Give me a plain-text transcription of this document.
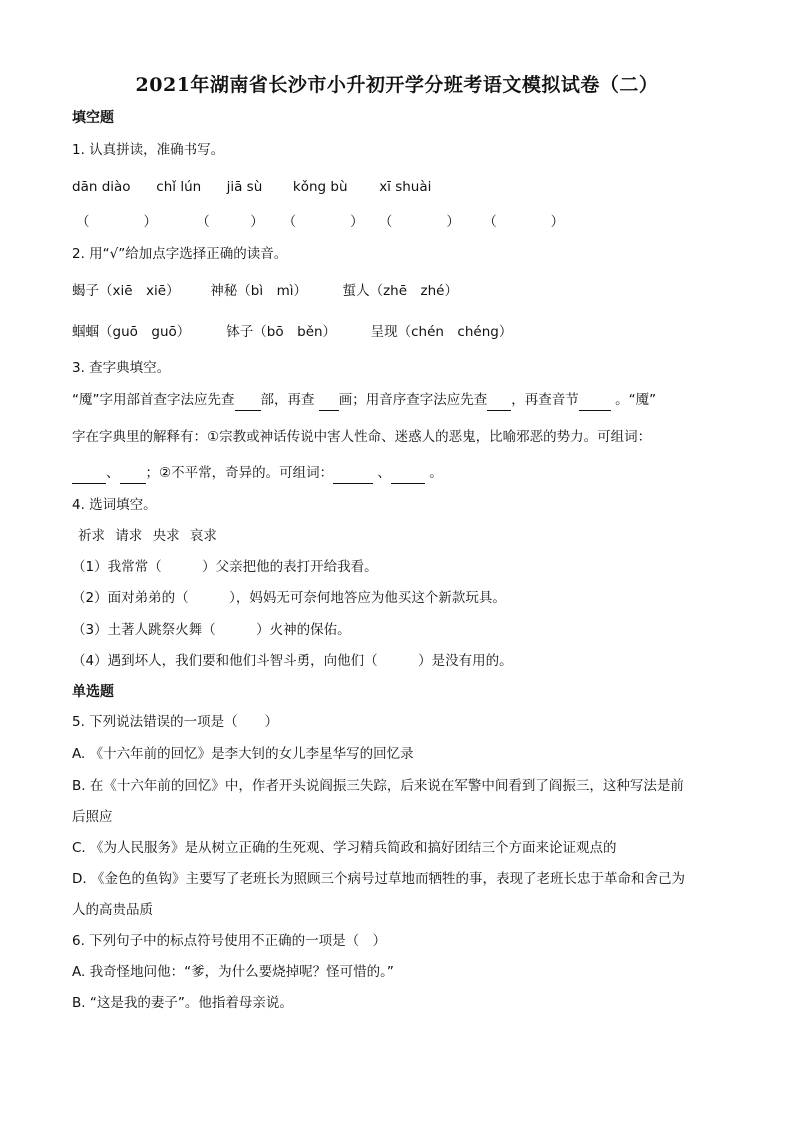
2021年湖南省长沙市小升初开学分班考语文模拟试卷（二）
填空题
1. 认真拼读，准确书写。
dān diào chǐ lún jiā sù kǒng bù xī shuài
（　　　　）	（　　　） （　　　　） （　　　　） （　　　　）
2. 用“√”给加点字选择正确的读音。
蝎子（xiē　xiē） 神秘（bì　mì）	蜇人（zhē　zhé）
蝈蝈（guō　guō）	钵子（bō　běn）	呈现（chén　chéng）
3. 查字典填空。
“魇”字用部首查字法应先查 部，再查 画；用音序查字法应先查 ，再查音节	。“魇”
字在字典里的解释有：①宗教或神话传说中害人性命、迷惑人的恶鬼，比喻邪恶的势力。可组词：
、 ；②不平常，奇异的。可组词：	、	。
4. 选词填空。
祈求 请求 央求 哀求
（1）我常常（　　　）父亲把他的表打开给我看。
（2）面对弟弟的（　　　），妈妈无可奈何地答应为他买这个新款玩具。
（3）土著人跳祭火舞（　　　）火神的保佑。
（4）遇到坏人，我们要和他们斗智斗勇，向他们（　　　）是没有用的。
单选题
5. 下列说法错误的一项是（　　）
A. 《十六年前的回忆》是李大钊的女儿李星华写的回忆录
B. 在《十六年前的回忆》中，作者开头说阎振三失踪，后来说在军警中间看到了阎振三，这种写法是前
后照应
C. 《为人民服务》是从树立正确的生死观、学习精兵简政和搞好团结三个方面来论证观点的
D. 《金色的鱼钩》主要写了老班长为照顾三个病号过草地而牺牲的事，表现了老班长忠于革命和舍己为
人的高贵品质
6. 下列句子中的标点符号使用不正确的一项是（　）
A. 我奇怪地问他：“爹，为什么要烧掉呢？怪可惜的。”
B. “这是我的妻子”。他指着母亲说。
